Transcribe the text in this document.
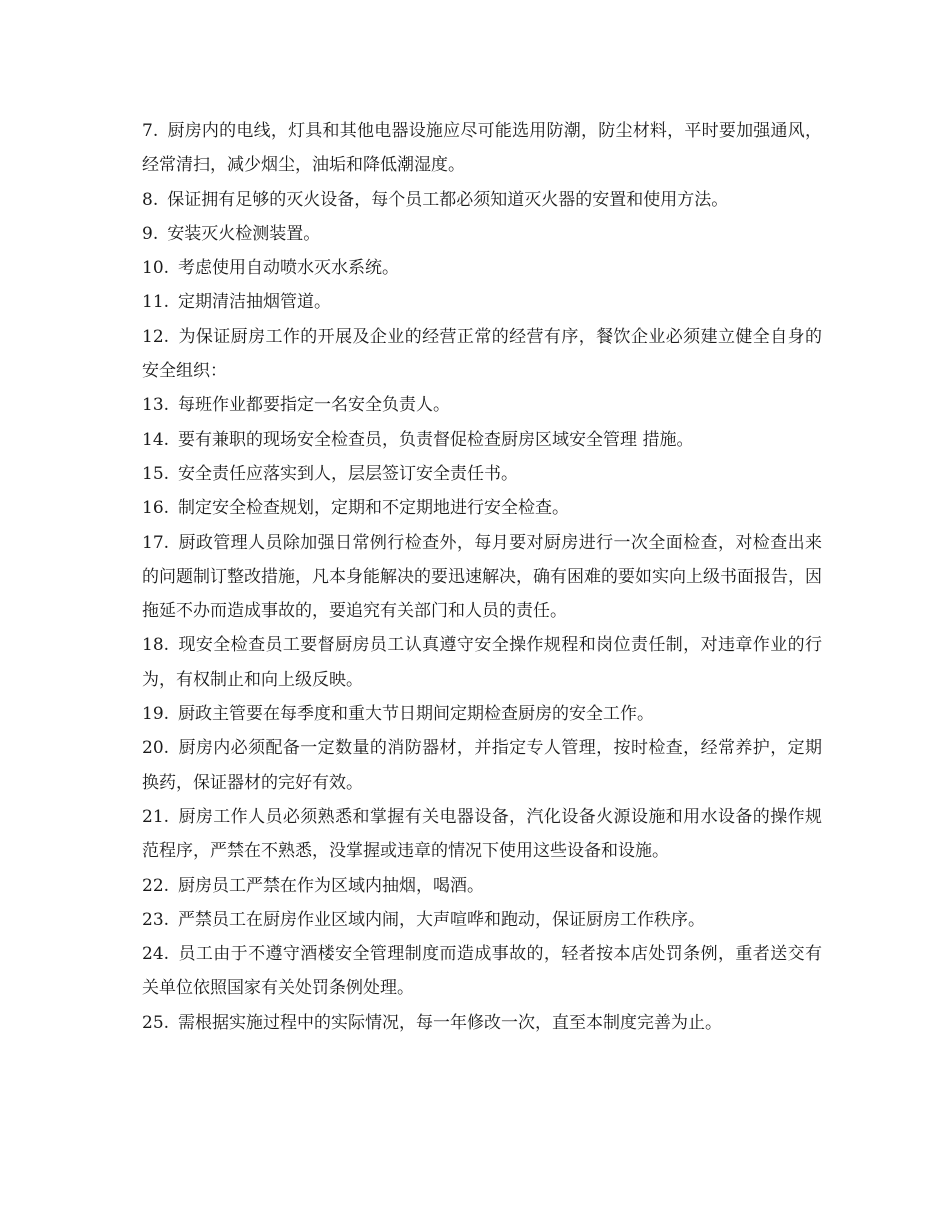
7. 厨房内的电线，灯具和其他电器设施应尽可能选用防潮，防尘材料，平时要加强通风，经常清扫，减少烟尘，油垢和降低潮湿度。

8. 保证拥有足够的灭火设备，每个员工都必须知道灭火器的安置和使用方法。

9. 安装灭火检测装置。

10. 考虑使用自动喷水灭水系统。

11. 定期清洁抽烟管道。

12. 为保证厨房工作的开展及企业的经营正常的经营有序，餐饮企业必须建立健全自身的安全组织：

13. 每班作业都要指定一名安全负责人。

14. 要有兼职的现场安全检查员，负责督促检查厨房区域安全管理 措施。

15. 安全责任应落实到人，层层签订安全责任书。

16. 制定安全检查规划，定期和不定期地进行安全检查。

17. 厨政管理人员除加强日常例行检查外，每月要对厨房进行一次全面检查，对检查出来的问题制订整改措施，凡本身能解决的要迅速解决，确有困难的要如实向上级书面报告，因拖延不办而造成事故的，要追究有关部门和人员的责任。

18. 现安全检查员工要督厨房员工认真遵守安全操作规程和岗位责任制，对违章作业的行为，有权制止和向上级反映。

19. 厨政主管要在每季度和重大节日期间定期检查厨房的安全工作。

20. 厨房内必须配备一定数量的消防器材，并指定专人管理，按时检查，经常养护，定期换药，保证器材的完好有效。

21. 厨房工作人员必须熟悉和掌握有关电器设备，汽化设备火源设施和用水设备的操作规范程序，严禁在不熟悉，没掌握或违章的情况下使用这些设备和设施。

22. 厨房员工严禁在作为区域内抽烟，喝酒。

23. 严禁员工在厨房作业区域内闹，大声喧哗和跑动，保证厨房工作秩序。

24. 员工由于不遵守酒楼安全管理制度而造成事故的，轻者按本店处罚条例，重者送交有关单位依照国家有关处罚条例处理。

25. 需根据实施过程中的实际情况，每一年修改一次，直至本制度完善为止。
